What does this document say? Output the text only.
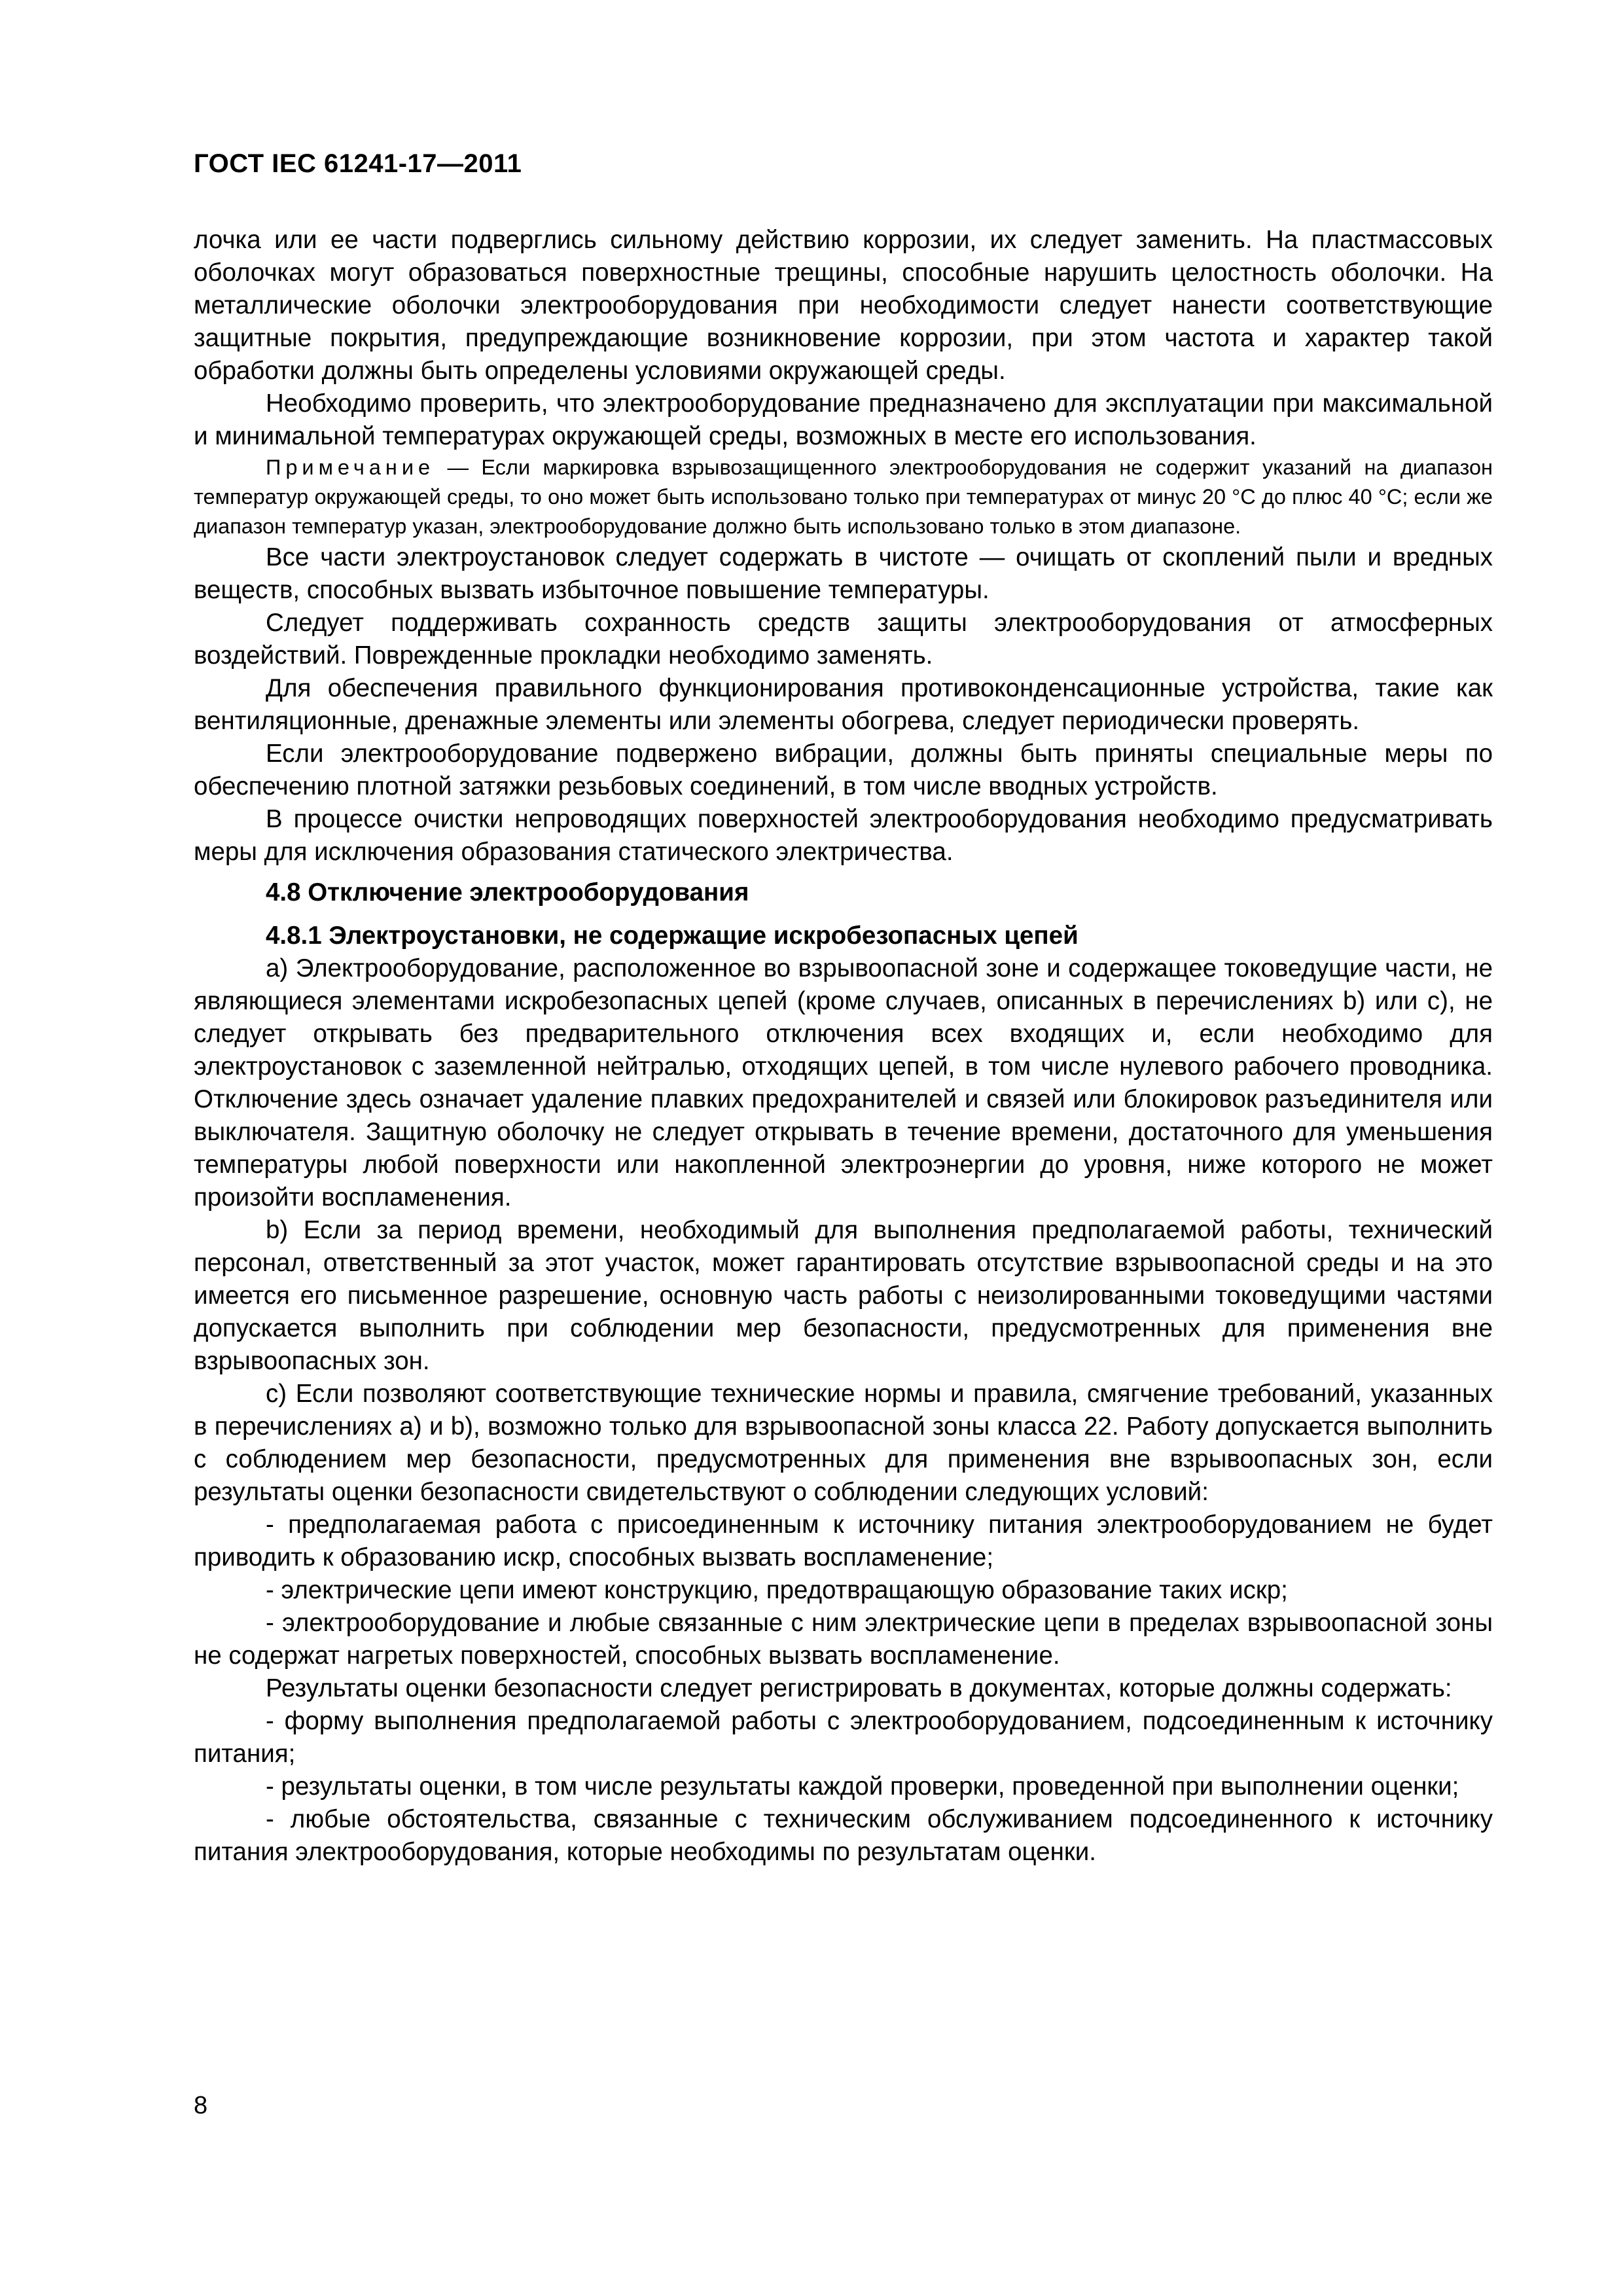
ГОСТ IEC 61241-17—2011

лочка или ее части подверглись сильному действию коррозии, их следует заменить. На пластмассовых оболочках могут образоваться поверхностные трещины, способные нарушить целостность оболочки. На металлические оболочки электрооборудования при необходимости следует нанести соответствующие защитные покрытия, предупреждающие возникновение коррозии, при этом частота и характер такой обработки должны быть определены условиями окружающей среды.

Необходимо проверить, что электрооборудование предназначено для эксплуатации при максимальной и минимальной температурах окружающей среды, возможных в месте его использования.

Примечание — Если маркировка взрывозащищенного электрооборудования не содержит указаний на диапазон температур окружающей среды, то оно может быть использовано только при температурах от минус 20 °С до плюс 40 °С; если же диапазон температур указан, электрооборудование должно быть использовано только в этом диапазоне.

Все части электроустановок следует содержать в чистоте — очищать от скоплений пыли и вредных веществ, способных вызвать избыточное повышение температуры.

Следует поддерживать сохранность средств защиты электрооборудования от атмосферных воздействий. Поврежденные прокладки необходимо заменять.

Для обеспечения правильного функционирования противоконденсационные устройства, такие как вентиляционные, дренажные элементы или элементы обогрева, следует периодически проверять.

Если электрооборудование подвержено вибрации, должны быть приняты специальные меры по обеспечению плотной затяжки резьбовых соединений, в том числе вводных устройств.

В процессе очистки непроводящих поверхностей электрооборудования необходимо предусматривать меры для исключения образования статического электричества.

4.8 Отключение электрооборудования
4.8.1 Электроустановки, не содержащие искробезопасных цепей

а) Электрооборудование, расположенное во взрывоопасной зоне и содержащее токоведущие части, не являющиеся элементами искробезопасных цепей (кроме случаев, описанных в перечислениях b) или с), не следует открывать без предварительного отключения всех входящих и, если необходимо для электроустановок с заземленной нейтралью, отходящих цепей, в том числе нулевого рабочего проводника. Отключение здесь означает удаление плавких предохранителей и связей или блокировок разъединителя или выключателя. Защитную оболочку не следует открывать в течение времени, достаточного для уменьшения температуры любой поверхности или накопленной электроэнергии до уровня, ниже которого не может произойти воспламенения.

b) Если за период времени, необходимый для выполнения предполагаемой работы, технический персонал, ответственный за этот участок, может гарантировать отсутствие взрывоопасной среды и на это имеется его письменное разрешение, основную часть работы с неизолированными токоведущими частями допускается выполнить при соблюдении мер безопасности, предусмотренных для применения вне взрывоопасных зон.

с) Если позволяют соответствующие технические нормы и правила, смягчение требований, указанных в перечислениях а) и b), возможно только для взрывоопасной зоны класса 22. Работу допускается выполнить с соблюдением мер безопасности, предусмотренных для применения вне взрывоопасных зон, если результаты оценки безопасности свидетельствуют о соблюдении следующих условий:

- предполагаемая работа с присоединенным к источнику питания электрооборудованием не будет приводить к образованию искр, способных вызвать воспламенение;

- электрические цепи имеют конструкцию, предотвращающую образование таких искр;

- электрооборудование и любые связанные с ним электрические цепи в пределах взрывоопасной зоны не содержат нагретых поверхностей, способных вызвать воспламенение.

Результаты оценки безопасности следует регистрировать в документах, которые должны содержать:

- форму выполнения предполагаемой работы с электрооборудованием, подсоединенным к источнику питания;

- результаты оценки, в том числе результаты каждой проверки, проведенной при выполнении оценки;

- любые обстоятельства, связанные с техническим обслуживанием подсоединенного к источнику питания электрооборудования, которые необходимы по результатам оценки.

8
